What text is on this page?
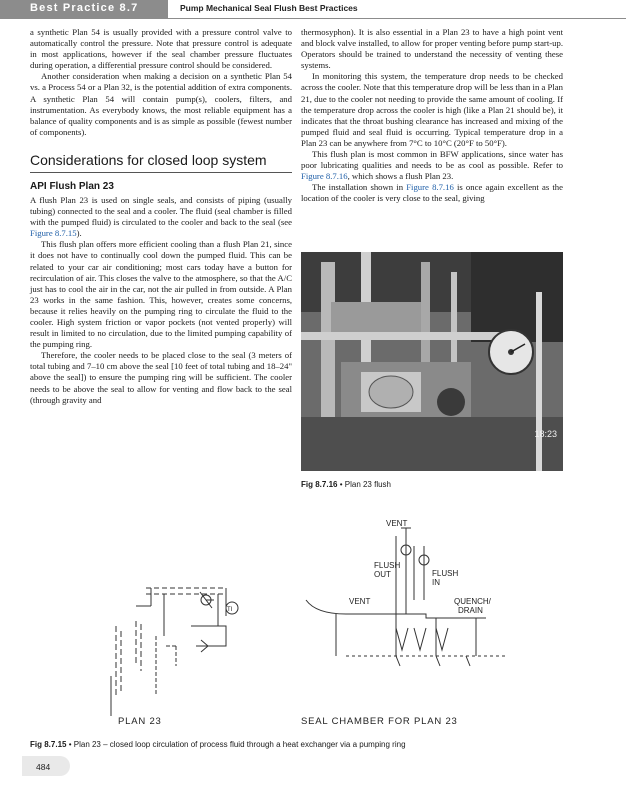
Best Practice 8.7	Pump Mechanical Seal Flush Best Practices

a synthetic Plan 54 is usually provided with a pressure control valve to automatically control the pressure. Note that pressure control is adequate in most applications, however if the seal chamber pressure fluctuates during operation, a differential pressure control should be considered.

Another consideration when making a decision on a synthetic Plan 54 vs. a Process 54 or a Plan 32, is the potential addition of extra components. A synthetic Plan 54 will contain pump(s), coolers, filters, and instrumentation. As everybody knows, the most reliable equipment has a balance of quality components and is as simple as possible (fewest number of components).

Considerations for closed loop system
API Flush Plan 23

A flush Plan 23 is used on single seals, and consists of piping (usually tubing) connected to the seal and a cooler. The fluid (seal chamber is filled with the pumped fluid) is circulated to the cooler and back to the seal (see Figure 8.7.15).

This flush plan offers more efficient cooling than a flush Plan 21, since it does not have to continually cool down the pumped fluid. This can be related to your car air conditioning; most cars today have a button for recirculation of air. This closes the valve to the atmosphere, so that the A/C just has to cool the air in the car, not the air pulled in from outside. A Plan 23 works in the same fashion. This, however, creates some concerns, because it relies heavily on the pumping ring to circulate the fluid to the cooler. High system friction or vapor pockets (not vented properly) will result in limited to no circulation, due to the limited pumping capability of the pumping ring.

Therefore, the cooler needs to be placed close to the seal (3 meters of total tubing and 7–10 cm above the seal [10 feet of total tubing and 18–24" above the seal]) to ensure the pumping ring will be sufficient. The cooler needs to be above the seal to allow for venting and flow back to the seal (through gravity and

thermosyphon). It is also essential in a Plan 23 to have a high point vent and block valve installed, to allow for proper venting before pump start-up. Operators should be trained to understand the necessity of venting these systems.

In monitoring this system, the temperature drop needs to be checked across the cooler. Note that this temperature drop will be less than in a Plan 21, due to the cooler not needing to provide the same amount of cooling. If the temperature drop across the cooler is high (like a Plan 21 should be), it indicates that the throat bushing clearance has increased and mixing of the pumped fluid and seal fluid is occurring. Typical temperature drop in a Plan 23 can be anywhere from 7°C to 10°C (20°F to 50°F).

This flush plan is most common in BFW applications, since water has poor lubricating qualities and needs to be as cool as possible. Refer to Figure 8.7.16, which shows a flush Plan 23.

The installation shown in Figure 8.7.16 is once again excellent as the location of the cooler is very close to the seal, giving

18:23
Fig 8.7.16 • Plan 23 flush
TI
VENT
FLUSH
OUT	FLUSH
IN
VENT	QUENCH/
DRAIN
PLAN 23	SEAL CHAMBER FOR PLAN 23
Fig 8.7.15 • Plan 23 – closed loop circulation of process fluid through a heat exchanger via a pumping ring
484
